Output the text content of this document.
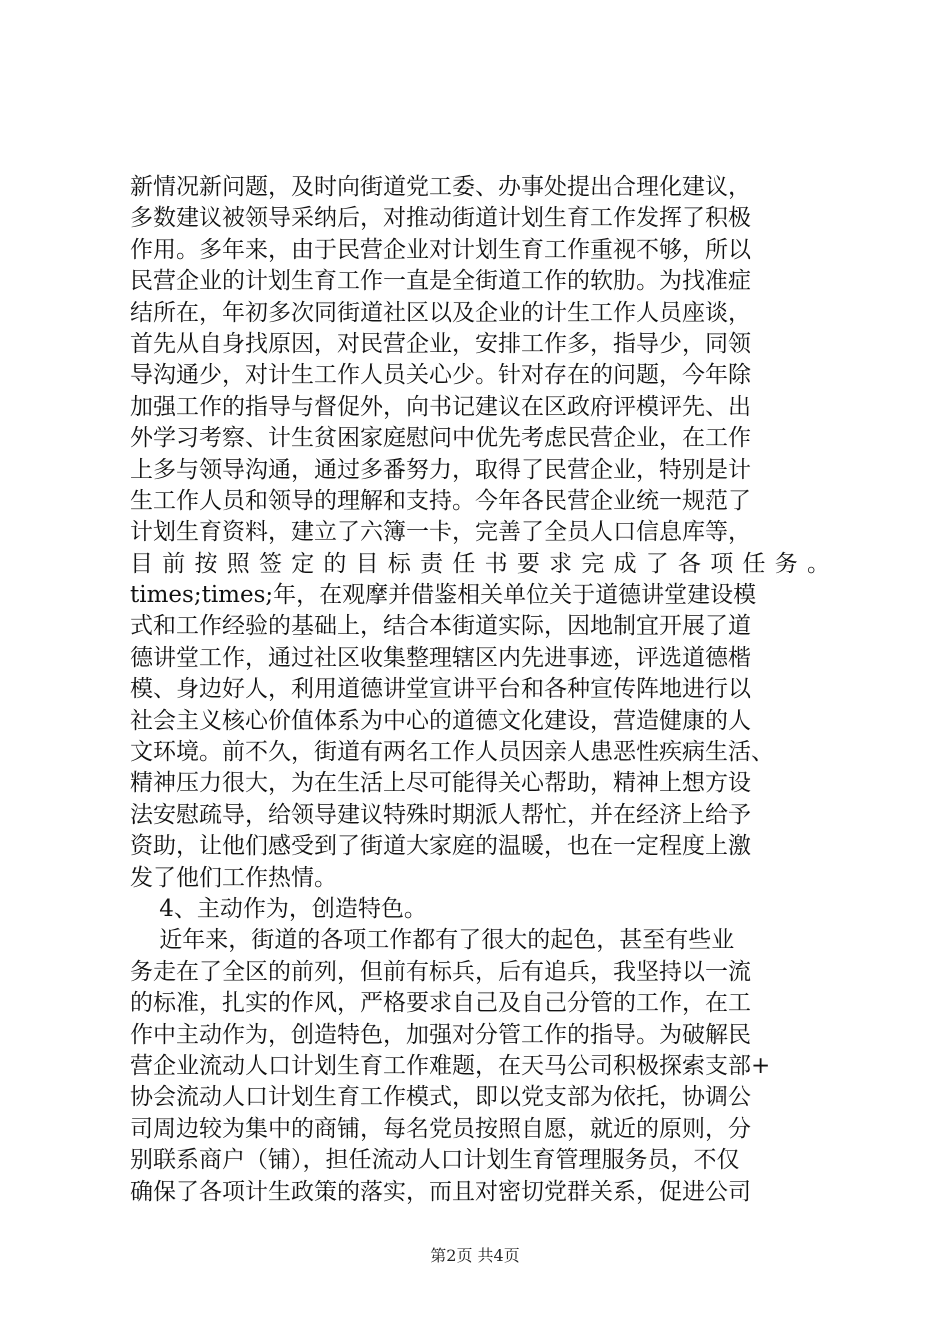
新情况新问题，及时向街道党工委、办事处提出合理化建议，
多数建议被领导采纳后，对推动街道计划生育工作发挥了积极
作用。多年来，由于民营企业对计划生育工作重视不够，所以
民营企业的计划生育工作一直是全街道工作的软肋。为找准症
结所在，年初多次同街道社区以及企业的计生工作人员座谈，
首先从自身找原因，对民营企业，安排工作多，指导少，同领
导沟通少，对计生工作人员关心少。针对存在的问题，今年除
加强工作的指导与督促外，向书记建议在区政府评模评先、出
外学习考察、计生贫困家庭慰问中优先考虑民营企业，在工作
上多与领导沟通，通过多番努力，取得了民营企业，特别是计
生工作人员和领导的理解和支持。今年各民营企业统一规范了
计划生育资料，建立了六簿一卡，完善了全员人口信息库等，
目前按照签定的目标责任书要求完成了各项任务。
times;times;年，在观摩并借鉴相关单位关于道德讲堂建设模
式和工作经验的基础上，结合本街道实际，因地制宜开展了道
德讲堂工作，通过社区收集整理辖区内先进事迹，评选道德楷
模、身边好人，利用道德讲堂宣讲平台和各种宣传阵地进行以
社会主义核心价值体系为中心的道德文化建设，营造健康的人
文环境。前不久，街道有两名工作人员因亲人患恶性疾病生活、
精神压力很大，为在生活上尽可能得关心帮助，精神上想方设
法安慰疏导，给领导建议特殊时期派人帮忙，并在经济上给予
资助，让他们感受到了街道大家庭的温暖，也在一定程度上激
发了他们工作热情。
4、主动作为，创造特色。
近年来，街道的各项工作都有了很大的起色，甚至有些业
务走在了全区的前列，但前有标兵，后有追兵，我坚持以一流
的标准，扎实的作风，严格要求自己及自己分管的工作，在工
作中主动作为，创造特色，加强对分管工作的指导。为破解民
营企业流动人口计划生育工作难题，在天马公司积极探索支部+
协会流动人口计划生育工作模式，即以党支部为依托，协调公
司周边较为集中的商铺，每名党员按照自愿，就近的原则，分
别联系商户（铺），担任流动人口计划生育管理服务员，不仅
确保了各项计生政策的落实，而且对密切党群关系，促进公司
第2页 共4页
